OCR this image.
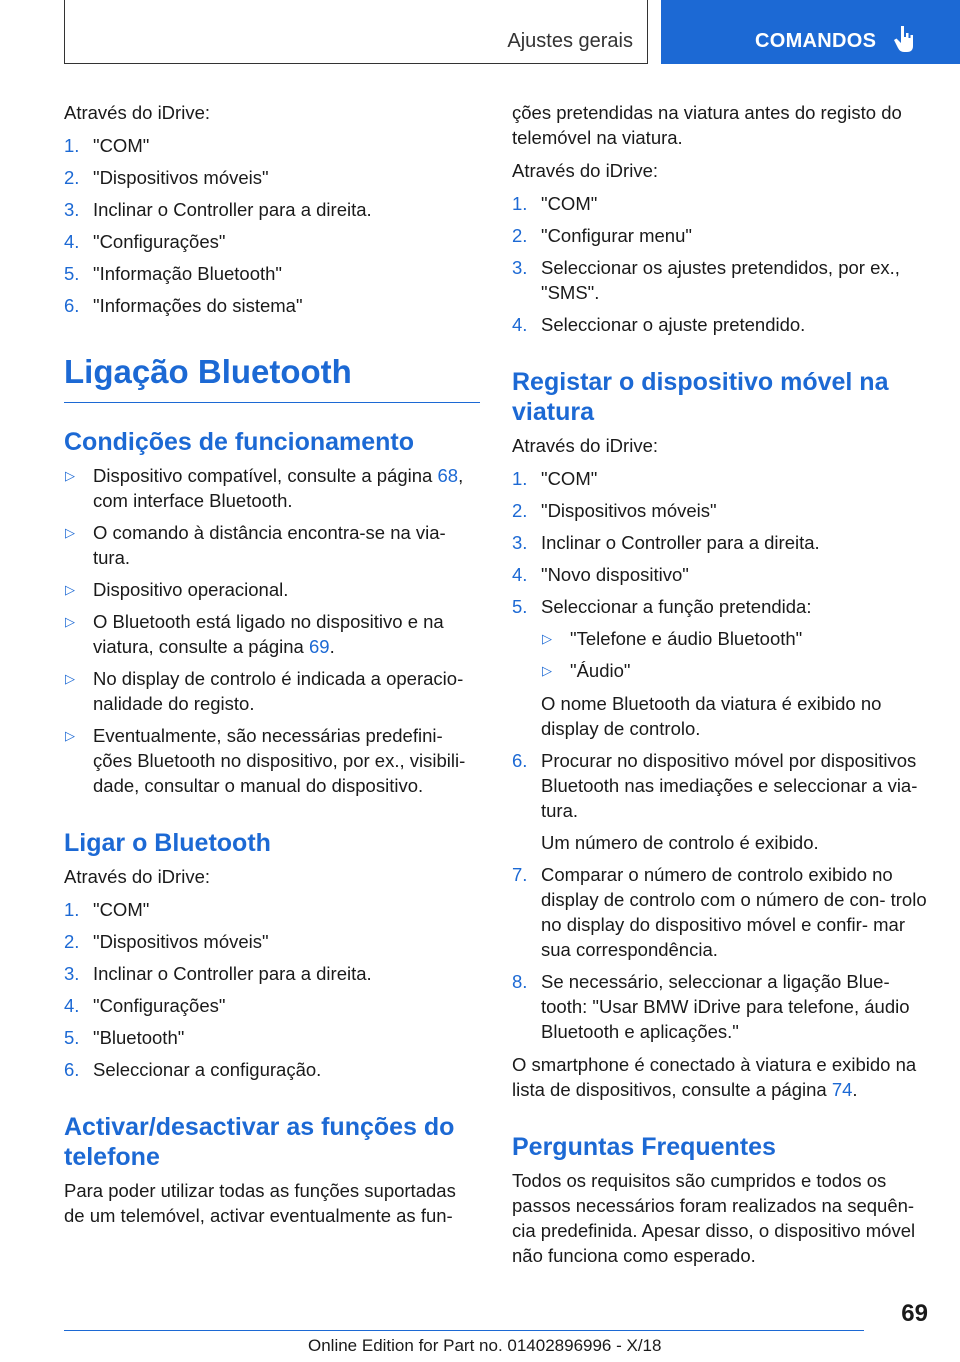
Ajustes gerais	COMANDOS

Através do iDrive:

1. "COM"
2. "Dispositivos móveis"
3. Inclinar o Controller para a direita.
4. "Configurações"
5. "Informação Bluetooth"
6. "Informações do sistema"
Ligação Bluetooth
Condições de funcionamento
▷ Dispositivo compatível, consulte a página 68, com interface Bluetooth.
▷ O comando à distância encontra-se na via- tura.
▷ Dispositivo operacional.
▷ O Bluetooth está ligado no dispositivo e na viatura, consulte a página 69.
▷ No display de controlo é indicada a operacio- nalidade do registo.
▷ Eventualmente, são necessárias predefini- ções Bluetooth no dispositivo, por ex., visibili- dade, consultar o manual do dispositivo.
Ligar o Bluetooth

Através do iDrive:

1. "COM"
2. "Dispositivos móveis"
3. Inclinar o Controller para a direita.
4. "Configurações"
5. "Bluetooth"
6. Seleccionar a configuração.
Activar/desactivar as funções do telefone

Para poder utilizar todas as funções suportadas de um telemóvel, activar eventualmente as fun-

ções pretendidas na viatura antes do registo do telemóvel na viatura.

Através do iDrive:

1. "COM"
2. "Configurar menu"
3. Seleccionar os ajustes pretendidos, por ex., "SMS".
4. Seleccionar o ajuste pretendido.
Registar o dispositivo móvel na viatura

Através do iDrive:

1. "COM"
2. "Dispositivos móveis"
3. Inclinar o Controller para a direita.
4. "Novo dispositivo"
5. Seleccionar a função pretendida:
▷ "Telefone e áudio Bluetooth"
▷ "Áudio"
O nome Bluetooth da viatura é exibido no display de controlo.
6. Procurar no dispositivo móvel por dispositivos Bluetooth nas imediações e seleccionar a via- tura.
Um número de controlo é exibido.
7. Comparar o número de controlo exibido no display de controlo com o número de con- trolo no display do dispositivo móvel e confir- mar sua correspondência.
8. Se necessário, seleccionar a ligação Blue- tooth: "Usar BMW iDrive para telefone, áudio Bluetooth e aplicações."

O smartphone é conectado à viatura e exibido na lista de dispositivos, consulte a página 74.

Perguntas Frequentes

Todos os requisitos são cumpridos e todos os passos necessários foram realizados na sequên- cia predefinida. Apesar disso, o dispositivo móvel não funciona como esperado.

69
Online Edition for Part no. 01402896996 - X/18
